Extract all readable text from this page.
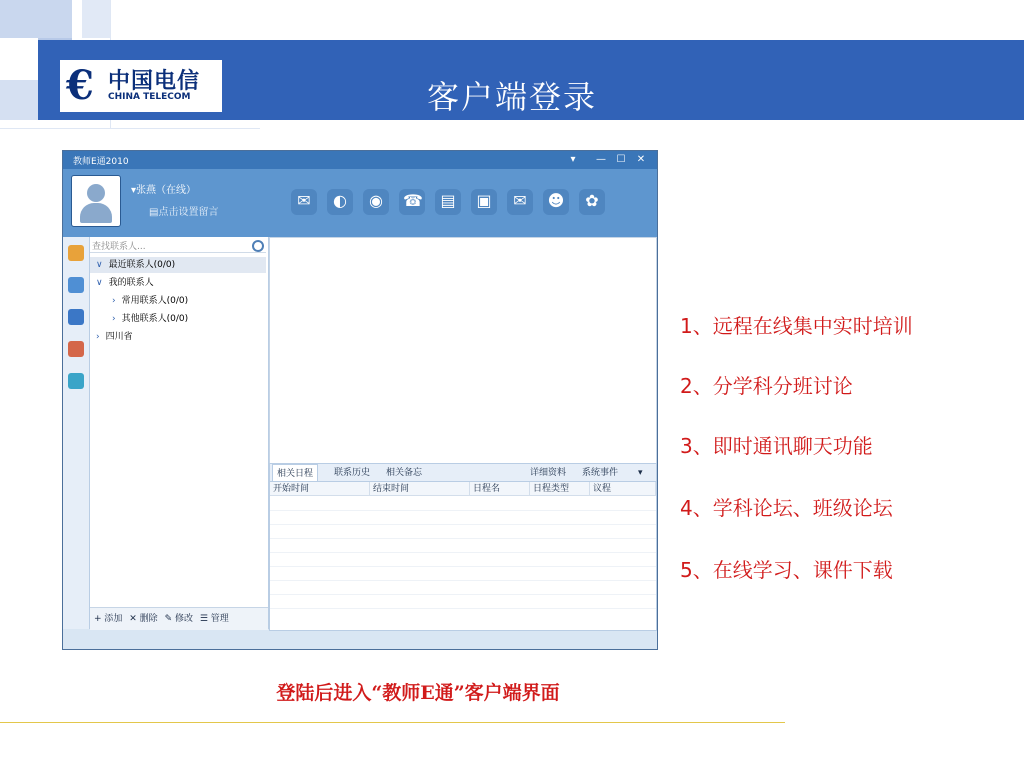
€ 中国电信
CHINA TELECOM	客户端登录
教师E通2010	▾	—	☐	✕
▾张燕（在线）
▤点击设置留言
✉ ◐ ◉ ☎ ▤ ▣ ✉ ☻ ✿
查找联系人...
∨ 最近联系人(0/0)
∨ 我的联系人
› 常用联系人(0/0)
› 其他联系人(0/0)
› 四川省
+ 添加 ✕ 删除 ✎ 修改 ☰ 管理
相关日程	联系历史	相关备忘	详细资料	系统事件	▾
开始时间	结束时间	日程名	日程类型	议程
1、远程在线集中实时培训
2、分学科分班讨论
3、即时通讯聊天功能
4、学科论坛、班级论坛
5、在线学习、课件下载
登陆后进入“教师E通”客户端界面
